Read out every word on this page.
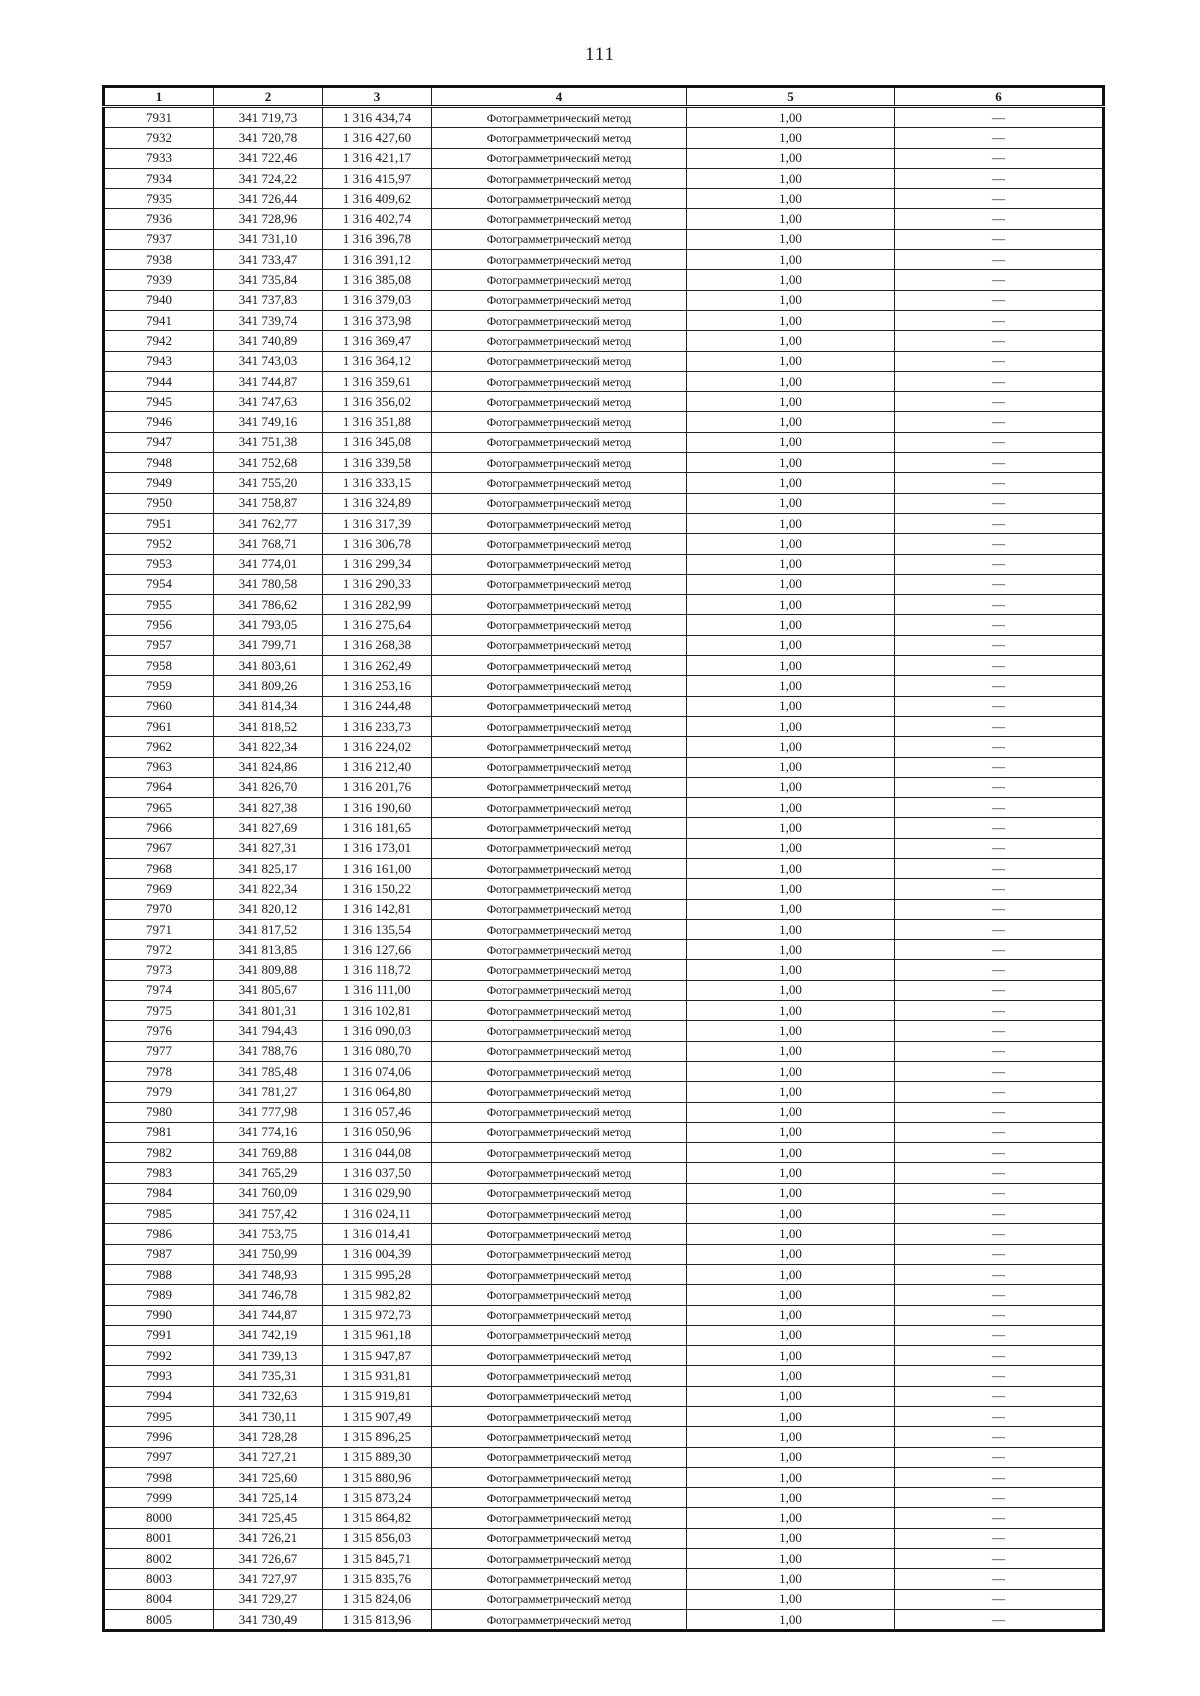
111
1	2	3	4	5	6
7931	341 719,73	1 316 434,74	Фотограмметрический метод	1,00	—
7932	341 720,78	1 316 427,60	Фотограмметрический метод	1,00	—
7933	341 722,46	1 316 421,17	Фотограмметрический метод	1,00	—
7934	341 724,22	1 316 415,97	Фотограмметрический метод	1,00	—
7935	341 726,44	1 316 409,62	Фотограмметрический метод	1,00	—
7936	341 728,96	1 316 402,74	Фотограмметрический метод	1,00	—
7937	341 731,10	1 316 396,78	Фотограмметрический метод	1,00	—
7938	341 733,47	1 316 391,12	Фотограмметрический метод	1,00	—
7939	341 735,84	1 316 385,08	Фотограмметрический метод	1,00	—
7940	341 737,83	1 316 379,03	Фотограмметрический метод	1,00	—
7941	341 739,74	1 316 373,98	Фотограмметрический метод	1,00	—
7942	341 740,89	1 316 369,47	Фотограмметрический метод	1,00	—
7943	341 743,03	1 316 364,12	Фотограмметрический метод	1,00	—
7944	341 744,87	1 316 359,61	Фотограмметрический метод	1,00	—
7945	341 747,63	1 316 356,02	Фотограмметрический метод	1,00	—
7946	341 749,16	1 316 351,88	Фотограмметрический метод	1,00	—
7947	341 751,38	1 316 345,08	Фотограмметрический метод	1,00	—
7948	341 752,68	1 316 339,58	Фотограмметрический метод	1,00	—
7949	341 755,20	1 316 333,15	Фотограмметрический метод	1,00	—
7950	341 758,87	1 316 324,89	Фотограмметрический метод	1,00	—
7951	341 762,77	1 316 317,39	Фотограмметрический метод	1,00	—
7952	341 768,71	1 316 306,78	Фотограмметрический метод	1,00	—
7953	341 774,01	1 316 299,34	Фотограмметрический метод	1,00	—
7954	341 780,58	1 316 290,33	Фотограмметрический метод	1,00	—
7955	341 786,62	1 316 282,99	Фотограмметрический метод	1,00	—
7956	341 793,05	1 316 275,64	Фотограмметрический метод	1,00	—
7957	341 799,71	1 316 268,38	Фотограмметрический метод	1,00	—
7958	341 803,61	1 316 262,49	Фотограмметрический метод	1,00	—
7959	341 809,26	1 316 253,16	Фотограмметрический метод	1,00	—
7960	341 814,34	1 316 244,48	Фотограмметрический метод	1,00	—
7961	341 818,52	1 316 233,73	Фотограмметрический метод	1,00	—
7962	341 822,34	1 316 224,02	Фотограмметрический метод	1,00	—
7963	341 824,86	1 316 212,40	Фотограмметрический метод	1,00	—
7964	341 826,70	1 316 201,76	Фотограмметрический метод	1,00	—
7965	341 827,38	1 316 190,60	Фотограмметрический метод	1,00	—
7966	341 827,69	1 316 181,65	Фотограмметрический метод	1,00	—
7967	341 827,31	1 316 173,01	Фотограмметрический метод	1,00	—
7968	341 825,17	1 316 161,00	Фотограмметрический метод	1,00	—
7969	341 822,34	1 316 150,22	Фотограмметрический метод	1,00	—
7970	341 820,12	1 316 142,81	Фотограмметрический метод	1,00	—
7971	341 817,52	1 316 135,54	Фотограмметрический метод	1,00	—
7972	341 813,85	1 316 127,66	Фотограмметрический метод	1,00	—
7973	341 809,88	1 316 118,72	Фотограмметрический метод	1,00	—
7974	341 805,67	1 316 111,00	Фотограмметрический метод	1,00	—
7975	341 801,31	1 316 102,81	Фотограмметрический метод	1,00	—
7976	341 794,43	1 316 090,03	Фотограмметрический метод	1,00	—
7977	341 788,76	1 316 080,70	Фотограмметрический метод	1,00	—
7978	341 785,48	1 316 074,06	Фотограмметрический метод	1,00	—
7979	341 781,27	1 316 064,80	Фотограмметрический метод	1,00	—
7980	341 777,98	1 316 057,46	Фотограмметрический метод	1,00	—
7981	341 774,16	1 316 050,96	Фотограмметрический метод	1,00	—
7982	341 769,88	1 316 044,08	Фотограмметрический метод	1,00	—
7983	341 765,29	1 316 037,50	Фотограмметрический метод	1,00	—
7984	341 760,09	1 316 029,90	Фотограмметрический метод	1,00	—
7985	341 757,42	1 316 024,11	Фотограмметрический метод	1,00	—
7986	341 753,75	1 316 014,41	Фотограмметрический метод	1,00	—
7987	341 750,99	1 316 004,39	Фотограмметрический метод	1,00	—
7988	341 748,93	1 315 995,28	Фотограмметрический метод	1,00	—
7989	341 746,78	1 315 982,82	Фотограмметрический метод	1,00	—
7990	341 744,87	1 315 972,73	Фотограмметрический метод	1,00	—
7991	341 742,19	1 315 961,18	Фотограмметрический метод	1,00	—
7992	341 739,13	1 315 947,87	Фотограмметрический метод	1,00	—
7993	341 735,31	1 315 931,81	Фотограмметрический метод	1,00	—
7994	341 732,63	1 315 919,81	Фотограмметрический метод	1,00	—
7995	341 730,11	1 315 907,49	Фотограмметрический метод	1,00	—
7996	341 728,28	1 315 896,25	Фотограмметрический метод	1,00	—
7997	341 727,21	1 315 889,30	Фотограмметрический метод	1,00	—
7998	341 725,60	1 315 880,96	Фотограмметрический метод	1,00	—
7999	341 725,14	1 315 873,24	Фотограмметрический метод	1,00	—
8000	341 725,45	1 315 864,82	Фотограмметрический метод	1,00	—
8001	341 726,21	1 315 856,03	Фотограмметрический метод	1,00	—
8002	341 726,67	1 315 845,71	Фотограмметрический метод	1,00	—
8003	341 727,97	1 315 835,76	Фотограмметрический метод	1,00	—
8004	341 729,27	1 315 824,06	Фотограмметрический метод	1,00	—
8005	341 730,49	1 315 813,96	Фотограмметрический метод	1,00	—
